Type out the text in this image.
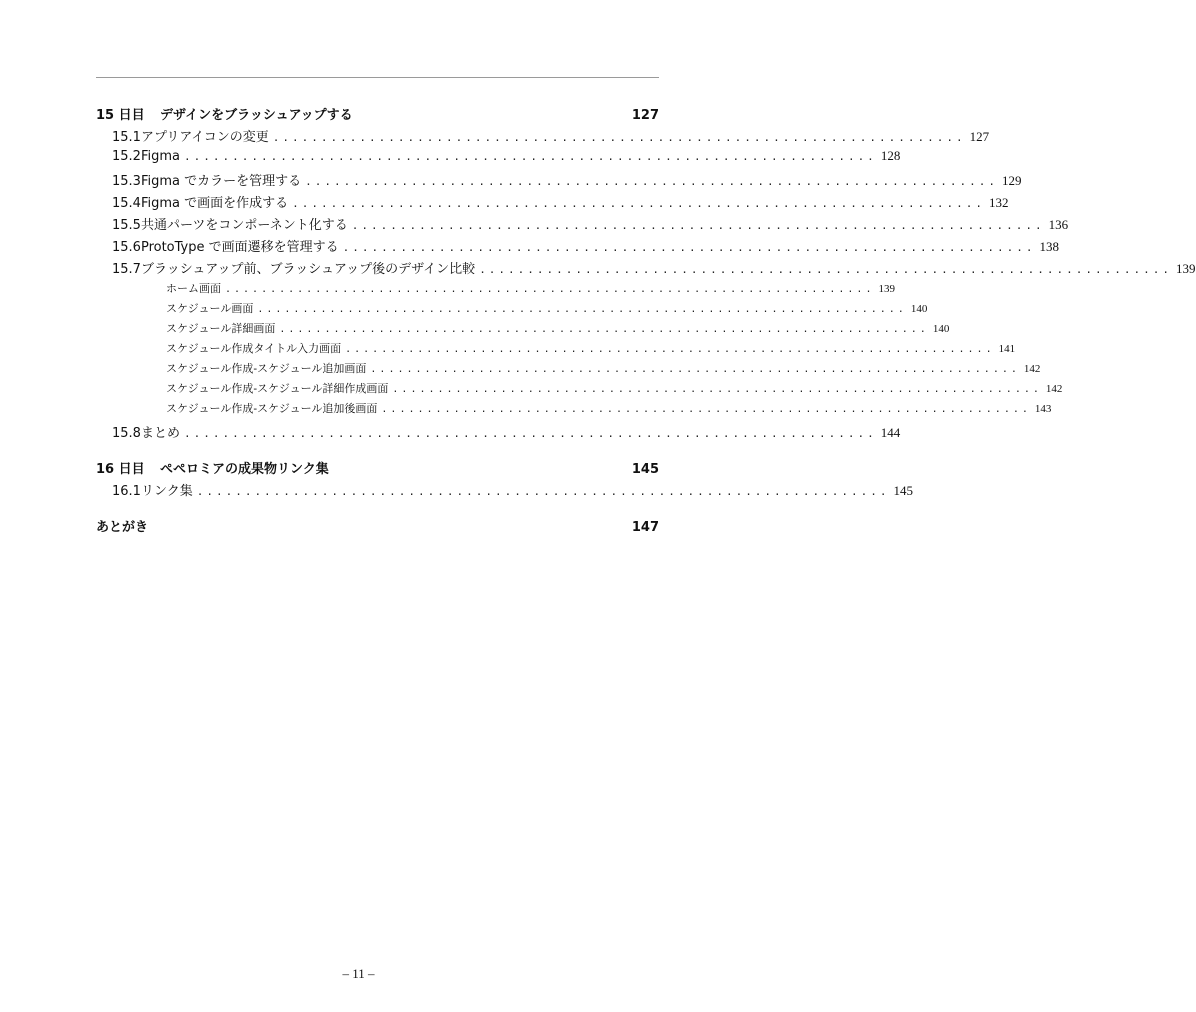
15 日目	デザインをブラッシュアップする	127
15.1 アプリアイコンの変更 ........................................................................ 127
15.2 Figma ........................................................................ 128
15.3 Figma でカラーを管理する ........................................................................ 129
15.4 Figma で画面を作成する ........................................................................ 132
15.5 共通パーツをコンポーネント化する ........................................................................ 136
15.6 ProtoType で画面遷移を管理する ........................................................................ 138
15.7 ブラッシュアップ前、ブラッシュアップ後のデザイン比較 ........................................................................ 139
ホーム画面 ........................................................................ 139
スケジュール画面 ........................................................................ 140
スケジュール詳細画面 ........................................................................ 140
スケジュール作成タイトル入力画面 ........................................................................ 141
スケジュール作成-スケジュール追加画面 ........................................................................ 142
スケジュール作成-スケジュール詳細作成画面 ........................................................................ 142
スケジュール作成-スケジュール追加後画面 ........................................................................ 143
15.8 まとめ ........................................................................ 144
16 日目	ペペロミアの成果物リンク集	145
16.1 リンク集 ........................................................................ 145
あとがき	147
– 11 –
